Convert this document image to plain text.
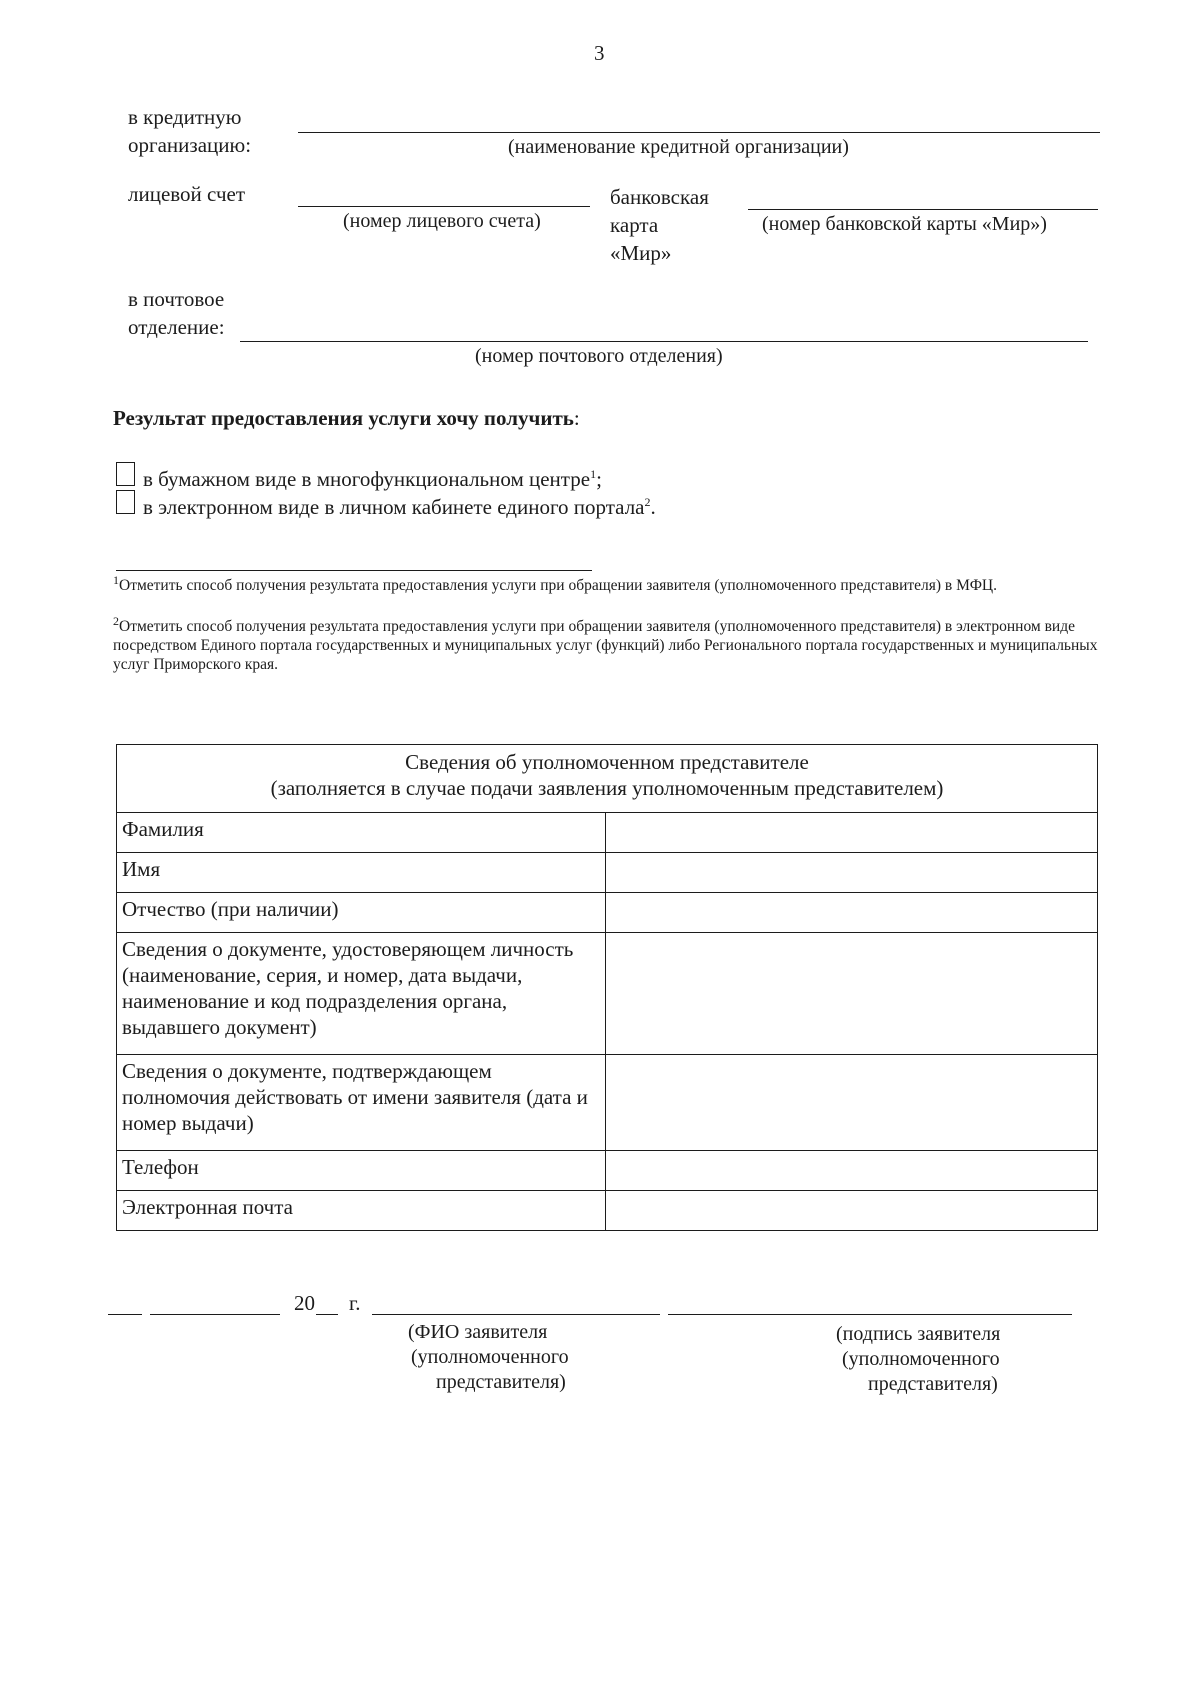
3
в кредитную
организацию:	(наименование кредитной организации)
лицевой счет
(номер лицевого счета)
банковская
карта
«Мир»
(номер банковской карты «Мир»)
в почтовое
отделение:
(номер почтового отделения)
Результат предоставления услуги хочу получить:
в бумажном виде в многофункциональном центре$^1$;
в электронном виде в личном кабинете единого портала$^2$.
$^1$Отметить способ получения результата предоставления услуги при обращении заявителя (уполномоченного представителя) в МФЦ.
$^2$Отметить способ получения результата предоставления услуги при обращении заявителя (уполномоченного представителя) в электронном виде посредством Единого портала государственных и муниципальных услуг (функций) либо Регионального портала государственных и муниципальных услуг Приморского края.
Сведения об уполномоченном представителе
(заполняется в случае подачи заявления уполномоченным представителем)	

Фамилия	
Имя	
Отчество (при наличии)	
Сведения о документе, удостоверяющем личность (наименование, серия, и номер, дата выдачи, наименование и код подразделения органа, выдавшего документ)	
Сведения о документе, подтверждающем полномочия действовать от имени заявителя (дата и номер выдачи)	
Телефон	
Электронная почта	
20 г.
(ФИО заявителя
(уполномоченного
представителя)
(подпись заявителя
(уполномоченного
представителя)
